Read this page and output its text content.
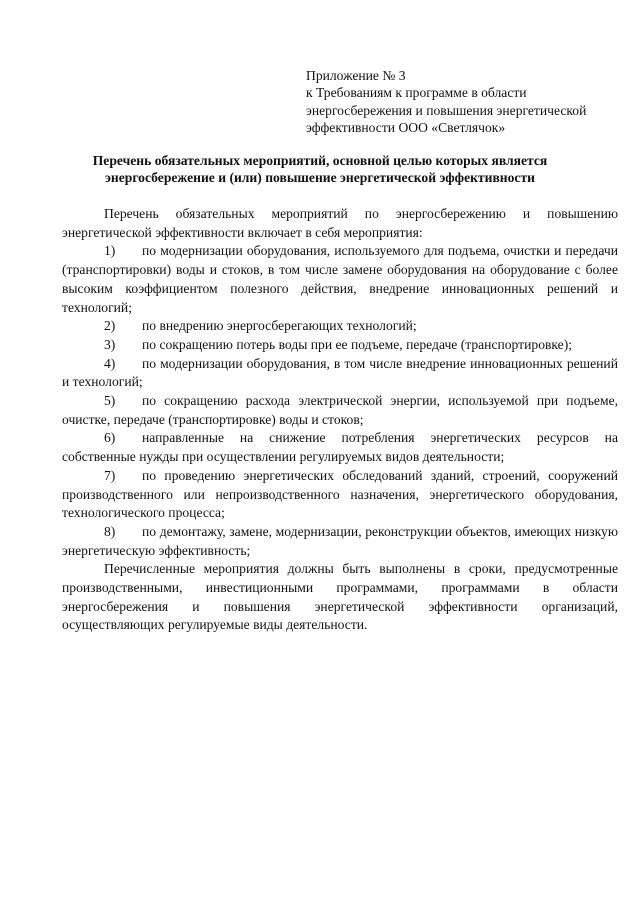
Приложение № 3
к Требованиям к программе в области
энергосбережения и повышения энергетической
эффективности ООО «Светлячок»
Перечень обязательных мероприятий, основной целью которых является
энергосбережение и (или) повышение энергетической эффективности

Перечень обязательных мероприятий по энергосбережению и повышению энергетической эффективности включает в себя мероприятия:

1) по модернизации оборудования, используемого для подъема, очистки и передачи (транспортировки) воды и стоков, в том числе замене оборудования на оборудование с более высоким коэффициентом полезного действия, внедрение инновационных решений и технологий;

2) по внедрению энергосберегающих технологий;

3) по сокращению потерь воды при ее подъеме, передаче (транспортировке);

4) по модернизации оборудования, в том числе внедрение инновационных решений и технологий;

5) по сокращению расхода электрической энергии, используемой при подъеме, очистке, передаче (транспортировке) воды и стоков;

6) направленные на снижение потребления энергетических ресурсов на собственные нужды при осуществлении регулируемых видов деятельности;

7) по проведению энергетических обследований зданий, строений, сооружений производственного или непроизводственного назначения, энергетического оборудования, технологического процесса;

8) по демонтажу, замене, модернизации, реконструкции объектов, имеющих низкую энергетическую эффективность;

Перечисленные мероприятия должны быть выполнены в сроки, предусмотренные производственными, инвестиционными программами, программами в области энергосбережения и повышения энергетической эффективности организаций, осуществляющих регулируемые виды деятельности.
